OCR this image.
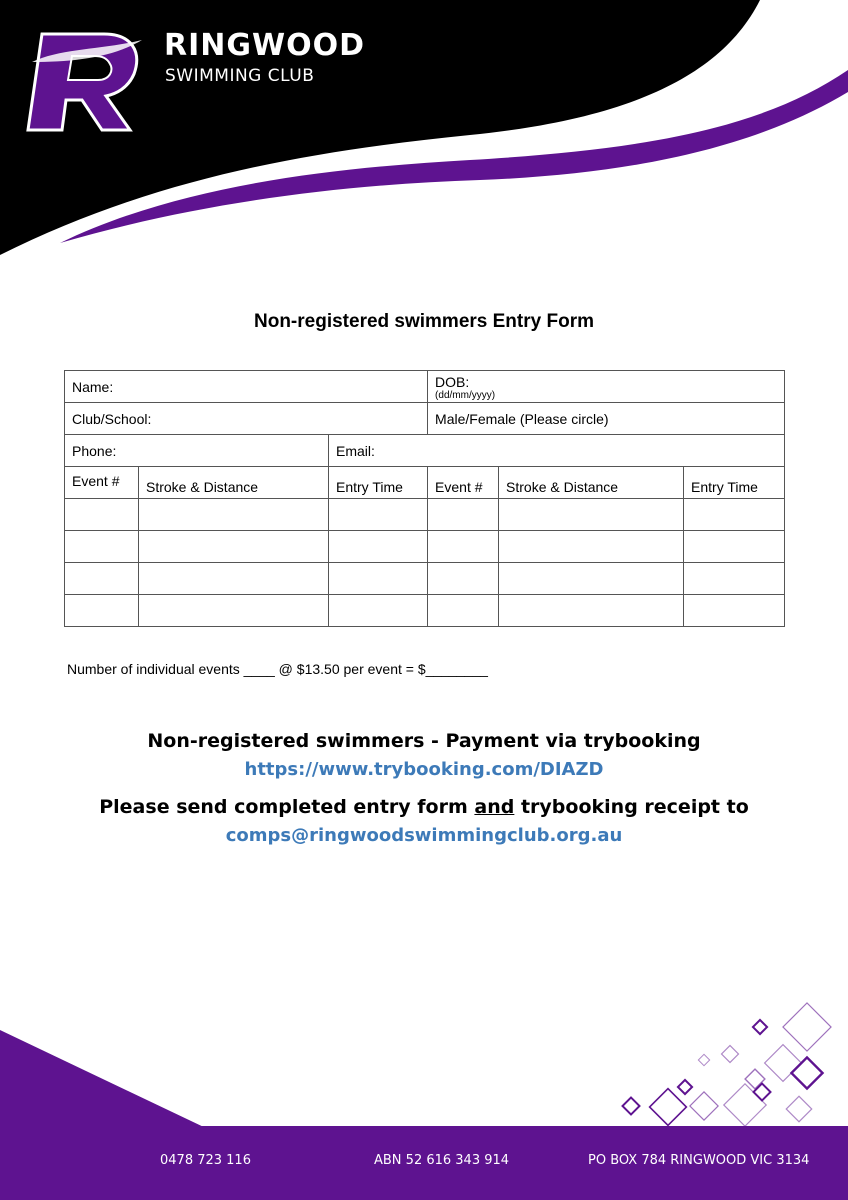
RINGWOOD
SWIMMING CLUB
Non-registered swimmers Entry Form
Name:			DOB:
(dd/mm/yyyy)		

Club/School:			Male/Female (Please circle)		
Phone:		Email:			
Event #	Stroke & Distance	Entry Time	Event #	Stroke & Distance	Entry Time

Number of individual events ____ @ $13.50 per event = $________
Non-registered swimmers - Payment via trybooking
https://www.trybooking.com/DIAZD
Please send completed entry form and trybooking receipt to
comps@ringwoodswimmingclub.org.au
0478 723 116	ABN 52 616 343 914	PO BOX 784 RINGWOOD VIC 3134
